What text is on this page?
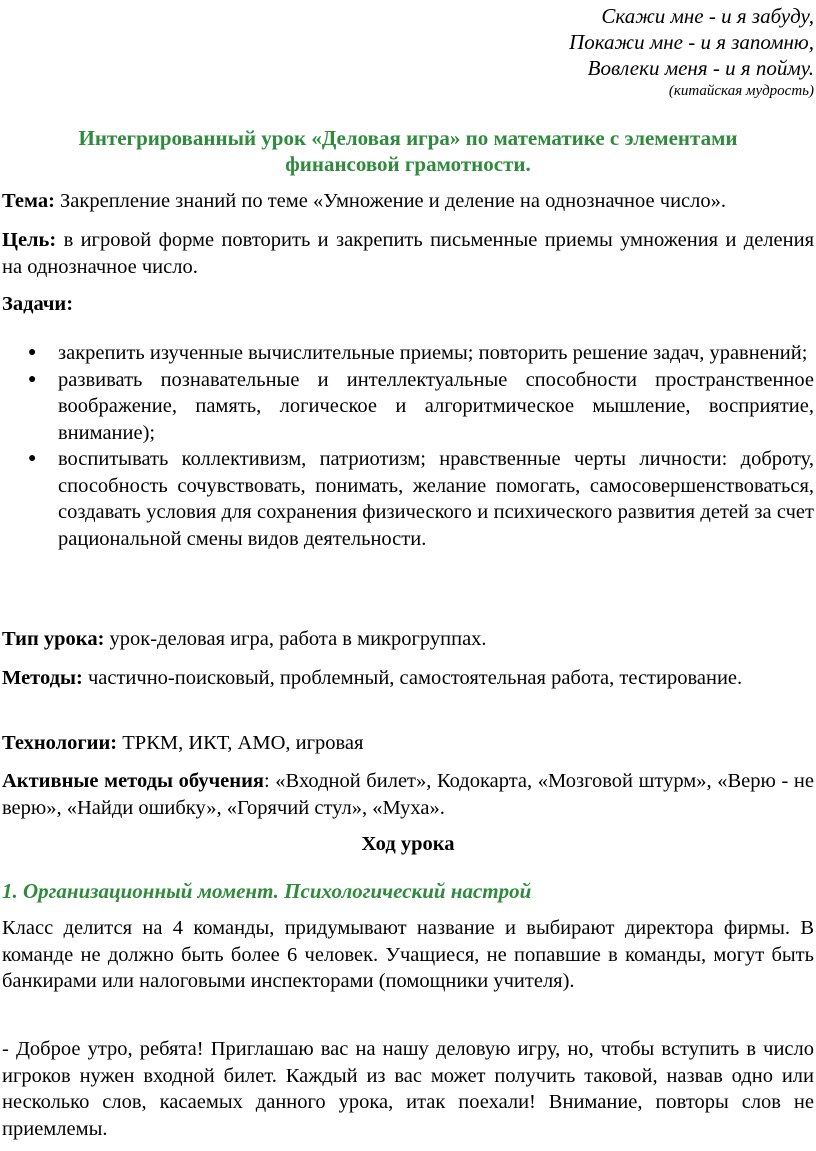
Скажи мне - и я забуду,
Покажи мне - и я запомню,
Вовлеки меня - и я пойму.
(китайская мудрость)
Интегрированный урок «Деловая игра» по математике с элементами финансовой грамотности.
Тема: Закрепление знаний по теме «Умножение и деление на однозначное число».
Цель: в игровой форме повторить и закрепить письменные приемы умножения и деления на однозначное число.
Задачи:
● закрепить изученные вычислительные приемы; повторить решение задач, уравнений;
● развивать познавательные и интеллектуальные способности пространственное воображение, память, логическое и алгоритмическое мышление, восприятие, внимание);
● воспитывать коллективизм, патриотизм; нравственные черты личности: доброту, способность сочувствовать, понимать, желание помогать, самосовершенствоваться, создавать условия для сохранения физического и психического развития детей за счет рациональной смены видов деятельности.
Тип урока: урок-деловая игра, работа в микрогруппах.
Методы: частично-поисковый, проблемный, самостоятельная работа, тестирование.
Технологии: ТРКМ, ИКТ, АМО, игровая
Активные методы обучения: «Входной билет», Кодокарта, «Мозговой штурм», «Верю - не верю», «Найди ошибку», «Горячий стул», «Муха».
Ход урока
1. Организационный момент. Психологический настрой
Класс делится на 4 команды, придумывают название и выбирают директора фирмы. В команде не должно быть более 6 человек. Учащиеся, не попавшие в команды, могут быть банкирами или налоговыми инспекторами (помощники учителя).
- Доброе утро, ребята! Приглашаю вас на нашу деловую игру, но, чтобы вступить в число игроков нужен входной билет. Каждый из вас может получить таковой, назвав одно или несколько слов, касаемых данного урока, итак поехали! Внимание, повторы слов не приемлемы.
